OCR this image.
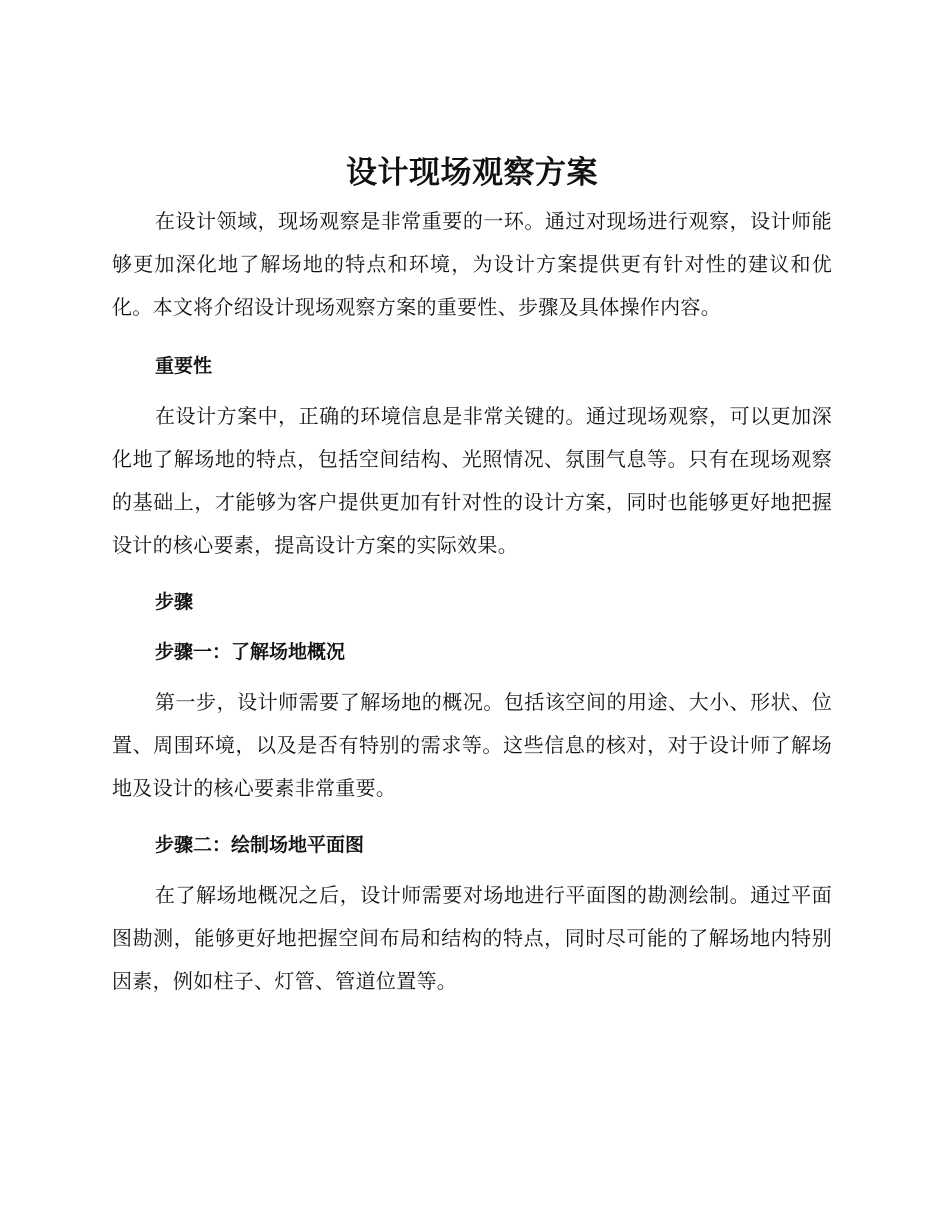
设计现场观察方案

在设计领域，现场观察是非常重要的一环。通过对现场进行观察，设计师能够更加深化地了解场地的特点和环境，为设计方案提供更有针对性的建议和优化。本文将介绍设计现场观察方案的重要性、步骤及具体操作内容。

重要性

在设计方案中，正确的环境信息是非常关键的。通过现场观察，可以更加深化地了解场地的特点，包括空间结构、光照情况、氛围气息等。只有在现场观察的基础上，才能够为客户提供更加有针对性的设计方案，同时也能够更好地把握设计的核心要素，提高设计方案的实际效果。

步骤
步骤一：了解场地概况

第一步，设计师需要了解场地的概况。包括该空间的用途、大小、形状、位置、周围环境，以及是否有特别的需求等。这些信息的核对，对于设计师了解场地及设计的核心要素非常重要。

步骤二：绘制场地平面图

在了解场地概况之后，设计师需要对场地进行平面图的勘测绘制。通过平面图勘测，能够更好地把握空间布局和结构的特点，同时尽可能的了解场地内特别因素，例如柱子、灯管、管道位置等。
